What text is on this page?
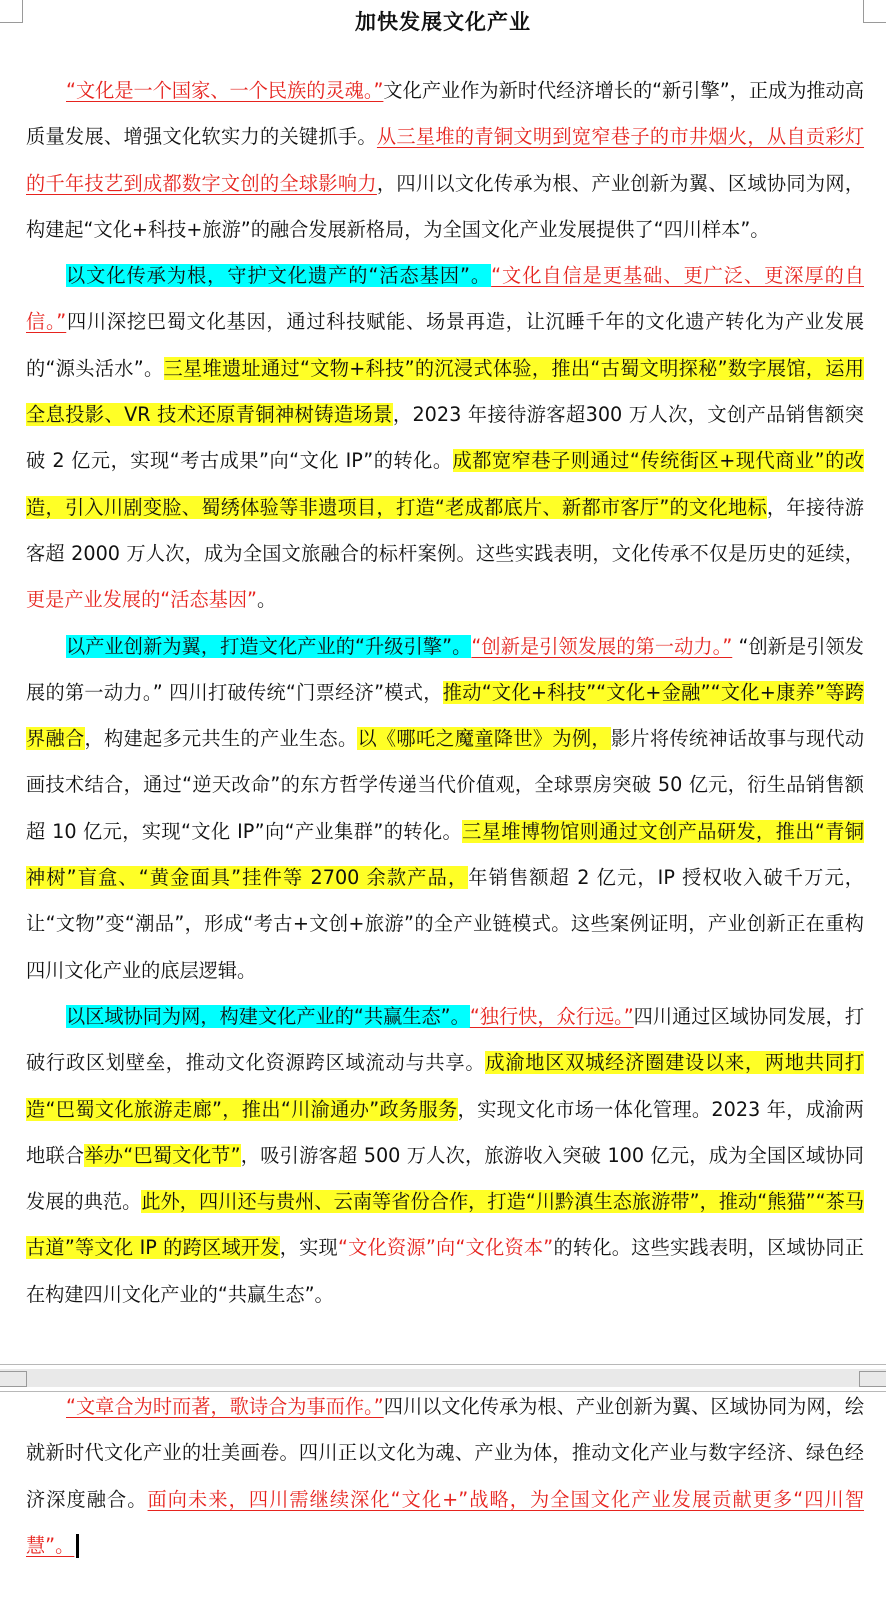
加快发展文化产业

“文化是一个国家、一个民族的灵魂。”文化产业作为新时代经济增长的“新引擎”，正成为推动高质量发展、增强文化软实力的关键抓手。从三星堆的青铜文明到宽窄巷子的市井烟火，从自贡彩灯的千年技艺到成都数字文创的全球影响力，四川以文化传承为根、产业创新为翼、区域协同为网，构建起“文化+科技+旅游”的融合发展新格局，为全国文化产业发展提供了“四川样本”。

以文化传承为根，守护文化遗产的“活态基因”。“文化自信是更基础、更广泛、更深厚的自信。”四川深挖巴蜀文化基因，通过科技赋能、场景再造，让沉睡千年的文化遗产转化为产业发展的“源头活水”。三星堆遗址通过“文物+科技”的沉浸式体验，推出“古蜀文明探秘”数字展馆，运用全息投影、VR 技术还原青铜神树铸造场景，2023 年接待游客超300 万人次，文创产品销售额突破 2 亿元，实现“考古成果”向“文化 IP”的转化。成都宽窄巷子则通过“传统街区+现代商业”的改造，引入川剧变脸、蜀绣体验等非遗项目，打造“老成都底片、新都市客厅”的文化地标，年接待游客超 2000 万人次，成为全国文旅融合的标杆案例。这些实践表明，文化传承不仅是历史的延续，更是产业发展的“活态基因”。

以产业创新为翼，打造文化产业的“升级引擎”。“创新是引领发展的第一动力。” “创新是引领发展的第一动力。” 四川打破传统“门票经济”模式，推动“文化+科技”“文化+金融”“文化+康养”等跨界融合，构建起多元共生的产业生态。以《哪吒之魔童降世》为例，影片将传统神话故事与现代动画技术结合，通过“逆天改命”的东方哲学传递当代价值观，全球票房突破 50 亿元，衍生品销售额超 10 亿元，实现“文化 IP”向“产业集群”的转化。三星堆博物馆则通过文创产品研发，推出“青铜神树”盲盒、“黄金面具”挂件等 2700 余款产品，年销售额超 2 亿元，IP 授权收入破千万元，让“文物”变“潮品”，形成“考古+文创+旅游”的全产业链模式。这些案例证明，产业创新正在重构四川文化产业的底层逻辑。

以区域协同为网，构建文化产业的“共赢生态”。“独行快，众行远。”四川通过区域协同发展，打破行政区划壁垒，推动文化资源跨区域流动与共享。成渝地区双城经济圈建设以来，两地共同打造“巴蜀文化旅游走廊”，推出“川渝通办”政务服务，实现文化市场一体化管理。2023 年，成渝两地联合举办“巴蜀文化节”，吸引游客超 500 万人次，旅游收入突破 100 亿元，成为全国区域协同发展的典范。此外，四川还与贵州、云南等省份合作，打造“川黔滇生态旅游带”，推动“熊猫”“茶马古道”等文化 IP 的跨区域开发，实现“文化资源”向“文化资本”的转化。这些实践表明，区域协同正在构建四川文化产业的“共赢生态”。

“文章合为时而著，歌诗合为事而作。”四川以文化传承为根、产业创新为翼、区域协同为网，绘就新时代文化产业的壮美画卷。四川正以文化为魂、产业为体，推动文化产业与数字经济、绿色经济深度融合。面向未来，四川需继续深化“文化+”战略，为全国文化产业发展贡献更多“四川智慧”。
